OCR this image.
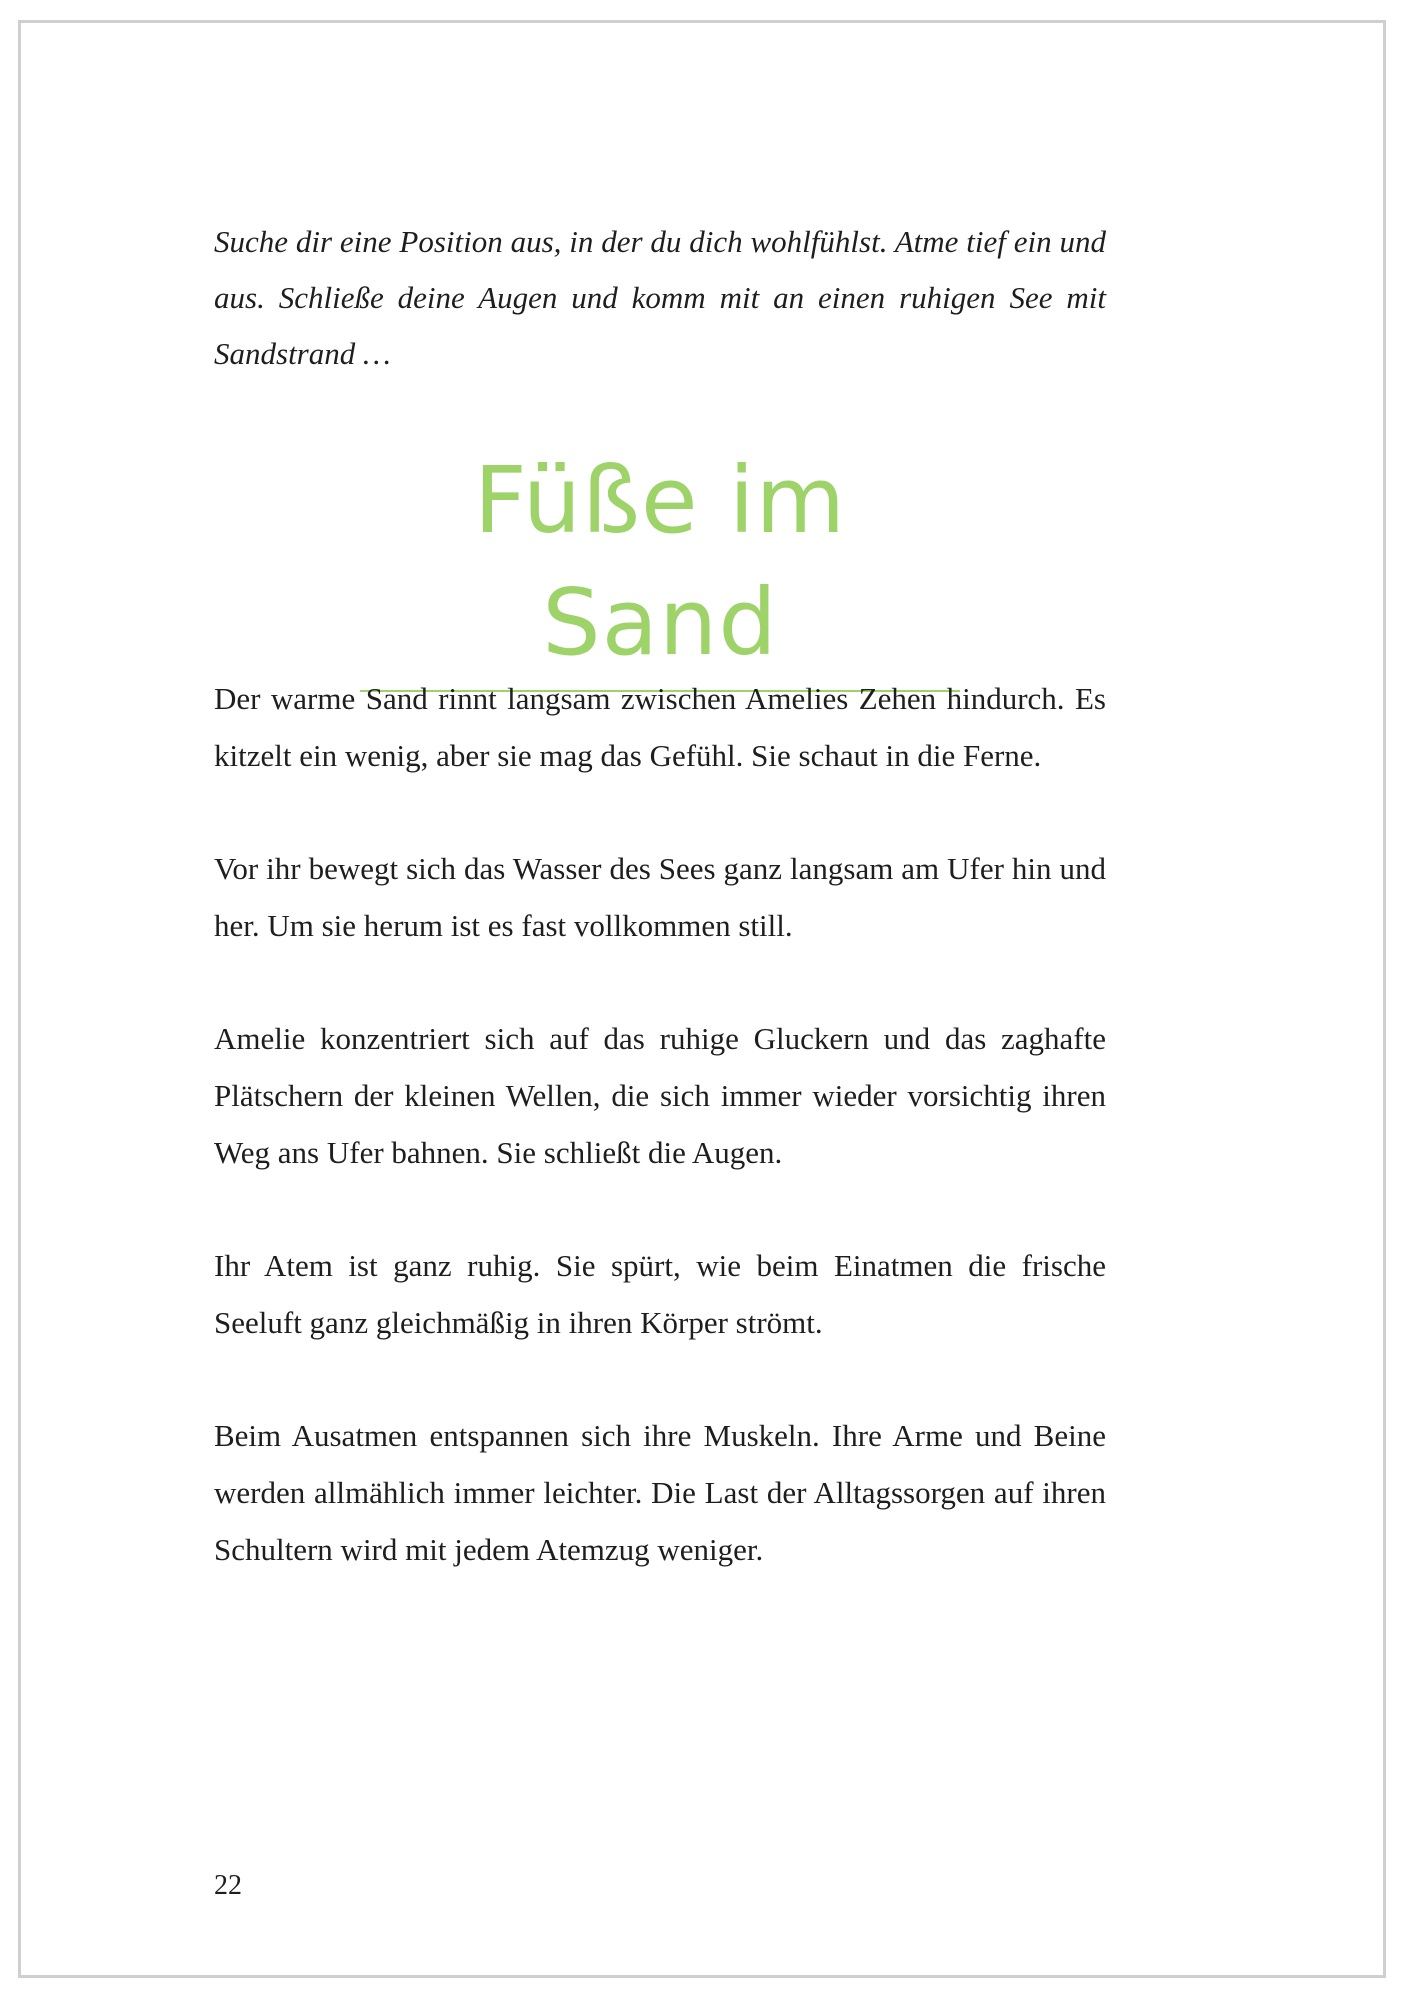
Suche dir eine Position aus, in der du dich wohlfühlst. Atme tief ein und aus. Schließe deine Augen und komm mit an einen ruhigen See mit Sandstrand …

Füße im Sand

Der warme Sand rinnt langsam zwischen Amelies Zehen hindurch. Es kitzelt ein wenig, aber sie mag das Gefühl. Sie schaut in die Ferne.

Vor ihr bewegt sich das Wasser des Sees ganz langsam am Ufer hin und her. Um sie herum ist es fast vollkommen still.

Amelie konzentriert sich auf das ruhige Gluckern und das zaghafte Plätschern der kleinen Wellen, die sich immer wieder vorsichtig ihren Weg ans Ufer bahnen. Sie schließt die Augen.

Ihr Atem ist ganz ruhig. Sie spürt, wie beim Einatmen die frische Seeluft ganz gleichmäßig in ihren Körper strömt.

Beim Ausatmen entspannen sich ihre Muskeln. Ihre Arme und Beine werden allmählich immer leichter. Die Last der Alltagssorgen auf ihren Schultern wird mit jedem Atemzug weniger.

22
